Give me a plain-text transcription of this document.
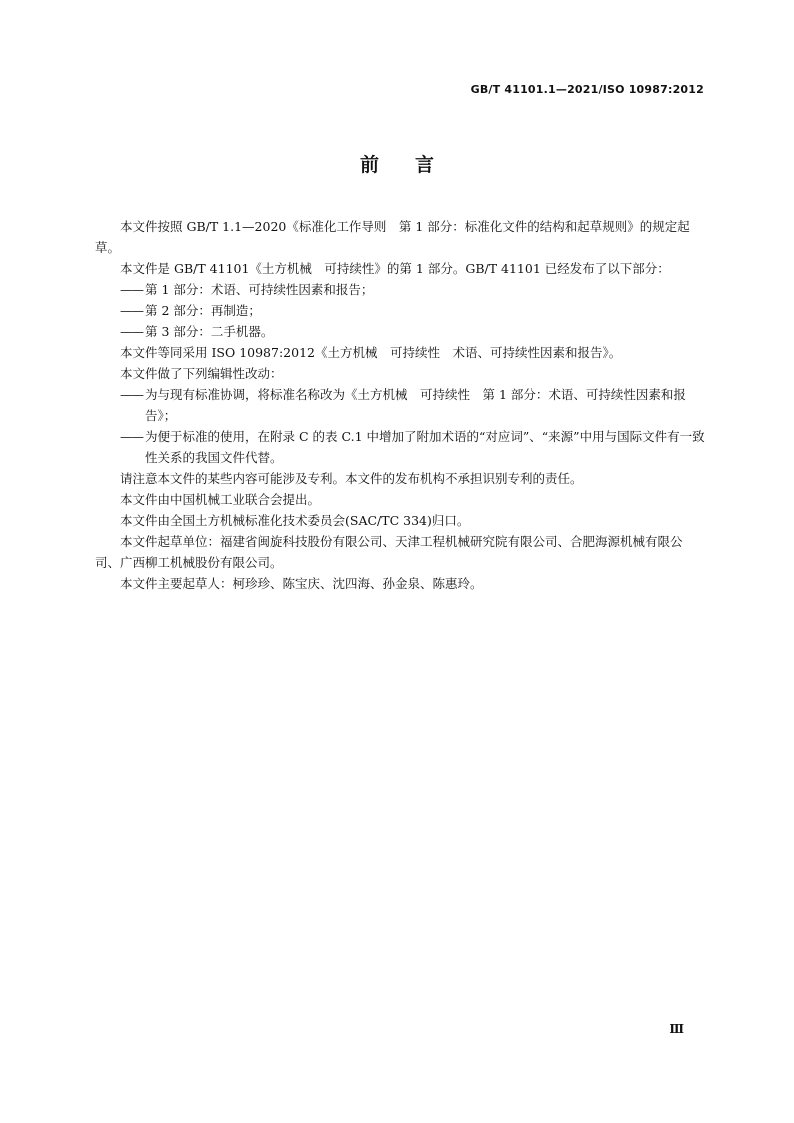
GB/T 41101.1—2021/ISO 10987:2012
前言

本文件按照 GB/T 1.1—2020《标准化工作导则　第 1 部分：标准化文件的结构和起草规则》的规定起草。

本文件是 GB/T 41101《土方机械　可持续性》的第 1 部分。GB/T 41101 已经发布了以下部分：

—— 第 1 部分：术语、可持续性因素和报告；

—— 第 2 部分：再制造；

—— 第 3 部分：二手机器。

本文件等同采用 ISO 10987:2012《土方机械　可持续性　术语、可持续性因素和报告》。

本文件做了下列编辑性改动：

—— 为与现有标准协调，将标准名称改为《土方机械　可持续性　第 1 部分：术语、可持续性因素和报告》；

—— 为便于标准的使用，在附录 C 的表 C.1 中增加了附加术语的“对应词”、“来源”中用与国际文件有一致性关系的我国文件代替。

请注意本文件的某些内容可能涉及专利。本文件的发布机构不承担识别专利的责任。

本文件由中国机械工业联合会提出。

本文件由全国土方机械标准化技术委员会(SAC/TC 334)归口。

本文件起草单位：福建省闽旋科技股份有限公司、天津工程机械研究院有限公司、合肥海源机械有限公司、广西柳工机械股份有限公司。

本文件主要起草人：柯珍珍、陈宝庆、沈四海、孙金泉、陈惠玲。

Ⅲ
